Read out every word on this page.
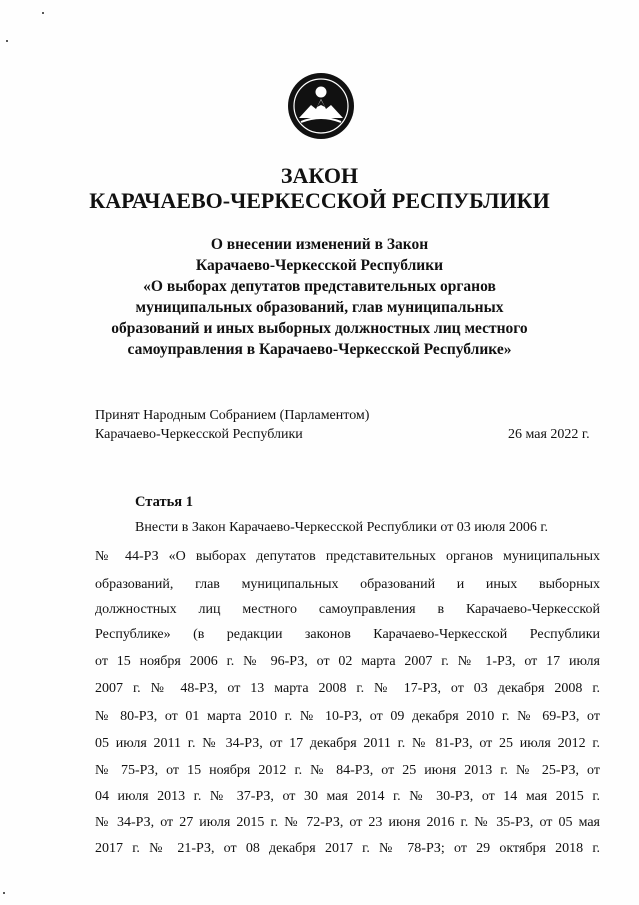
ЗАКОН
КАРАЧАЕВО-ЧЕРКЕССКОЙ РЕСПУБЛИКИ
О внесении изменений в Закон
Карачаево-Черкесской Республики
«О выборах депутатов представительных органов
муниципальных образований, глав муниципальных
образований и иных выборных должностных лиц местного
самоуправления в Карачаево-Черкесской Республике»
Принят Народным Собранием (Парламентом)
Карачаево-Черкесской Республики	26 мая 2022 г.
Статья 1
Внести в Закон Карачаево-Черкесской Республики от 03 июля 2006 г.
№ 44-РЗ «О выборах депутатов представительных органов муниципальных
образований, глав муниципальных образований и иных выборных
должностных лиц местного самоуправления в Карачаево-Черкесской
Республике» (в редакции законов Карачаево-Черкесской Республики
от 15 ноября 2006 г. № 96-РЗ, от 02 марта 2007 г. № 1-РЗ, от 17 июля
2007 г. № 48-РЗ, от 13 марта 2008 г. № 17-РЗ, от 03 декабря 2008 г.
№ 80-РЗ, от 01 марта 2010 г. № 10-РЗ, от 09 декабря 2010 г. № 69-РЗ, от
05 июля 2011 г. № 34-РЗ, от 17 декабря 2011 г. № 81-РЗ, от 25 июля 2012 г.
№ 75-РЗ, от 15 ноября 2012 г. № 84-РЗ, от 25 июня 2013 г. № 25-РЗ, от
04 июля 2013 г. № 37-РЗ, от 30 мая 2014 г. № 30-РЗ, от 14 мая 2015 г.
№ 34-РЗ, от 27 июля 2015 г. № 72-РЗ, от 23 июня 2016 г. № 35-РЗ, от 05 мая
2017 г. № 21-РЗ, от 08 декабря 2017 г. № 78-РЗ; от 29 октября 2018 г.
